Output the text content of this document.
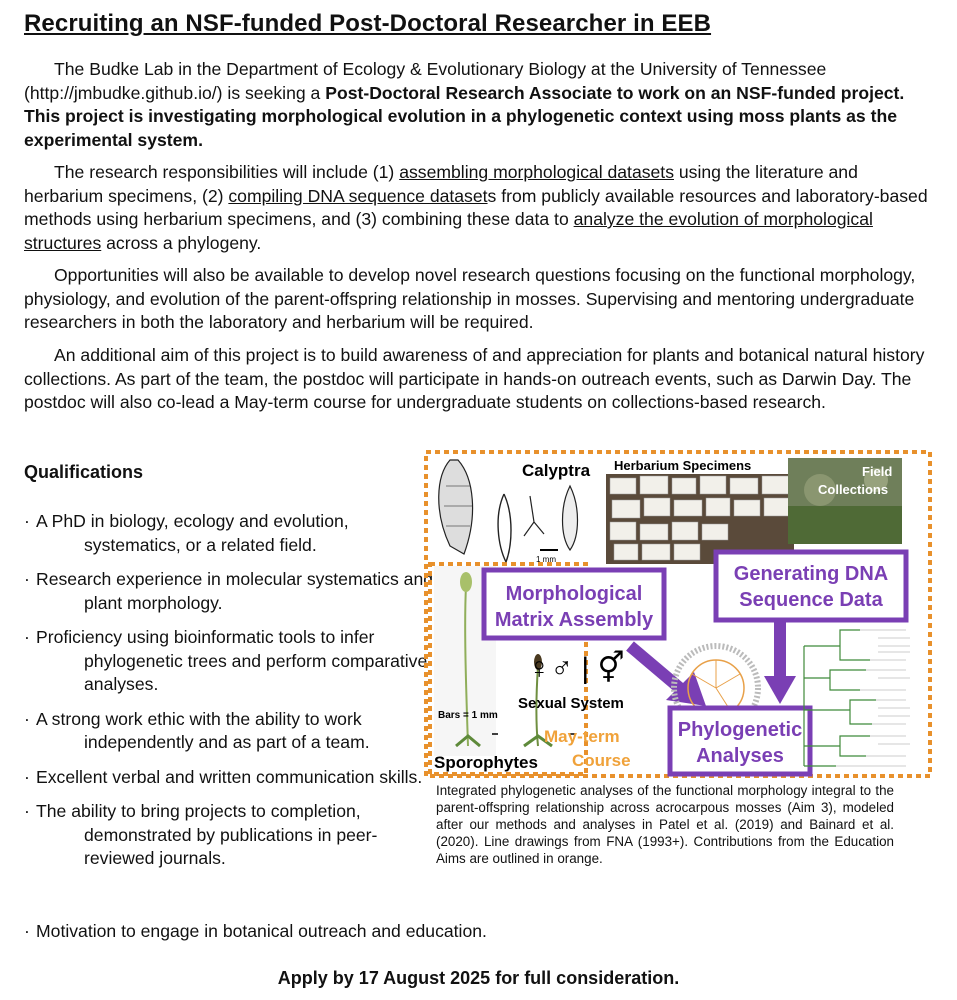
Recruiting an NSF-funded Post-Doctoral Researcher in EEB
The Budke Lab in the Department of Ecology & Evolutionary Biology at the University of Tennessee (http://jmbudke.github.io/) is seeking a Post-Doctoral Research Associate to work on an NSF-funded project. This project is investigating morphological evolution in a phylogenetic context using moss plants as the experimental system.
The research responsibilities will include (1) assembling morphological datasets using the literature and herbarium specimens, (2) compiling DNA sequence datasets from publicly available resources and laboratory-based methods using herbarium specimens, and (3) combining these data to analyze the evolution of morphological structures across a phylogeny.
Opportunities will also be available to develop novel research questions focusing on the functional morphology, physiology, and evolution of the parent-offspring relationship in mosses. Supervising and mentoring undergraduate researchers in both the laboratory and herbarium will be required.
An additional aim of this project is to build awareness of and appreciation for plants and botanical natural history collections. As part of the team, the postdoc will participate in hands-on outreach events, such as Darwin Day. The postdoc will also co-lead a May-term course for undergraduate students on collections-based research.
Qualifications
· A PhD in biology, ecology and evolution, systematics, or a related field.
· Research experience in molecular systematics and plant morphology.
· Proficiency using bioinformatic tools to infer phylogenetic trees and perform comparative analyses.
· A strong work ethic with the ability to work independently and as part of a team.
· Excellent verbal and written communication skills.
· The ability to bring projects to completion, demonstrated by publications in peer-reviewed journals.
· Motivation to engage in botanical outreach and education.
Calyptra
1 mm
Herbarium Specimens	Field
Collections
Bars = 1 mm
♀♂ | ⚥
Sexual System
Sporophytes
May-term
Course
Morphological
Matrix Assembly
Generating DNA
Sequence Data
Phylogenetic
Analyses
Integrated phylogenetic analyses of the functional morphology integral to the parent-offspring relationship across acrocarpous mosses (Aim 3), modeled after our methods and analyses in Patel et al. (2019) and Bainard et al. (2020). Line drawings from FNA (1993+). Contributions from the Education Aims are outlined in orange.
Apply by 17 August 2025 for full consideration.
